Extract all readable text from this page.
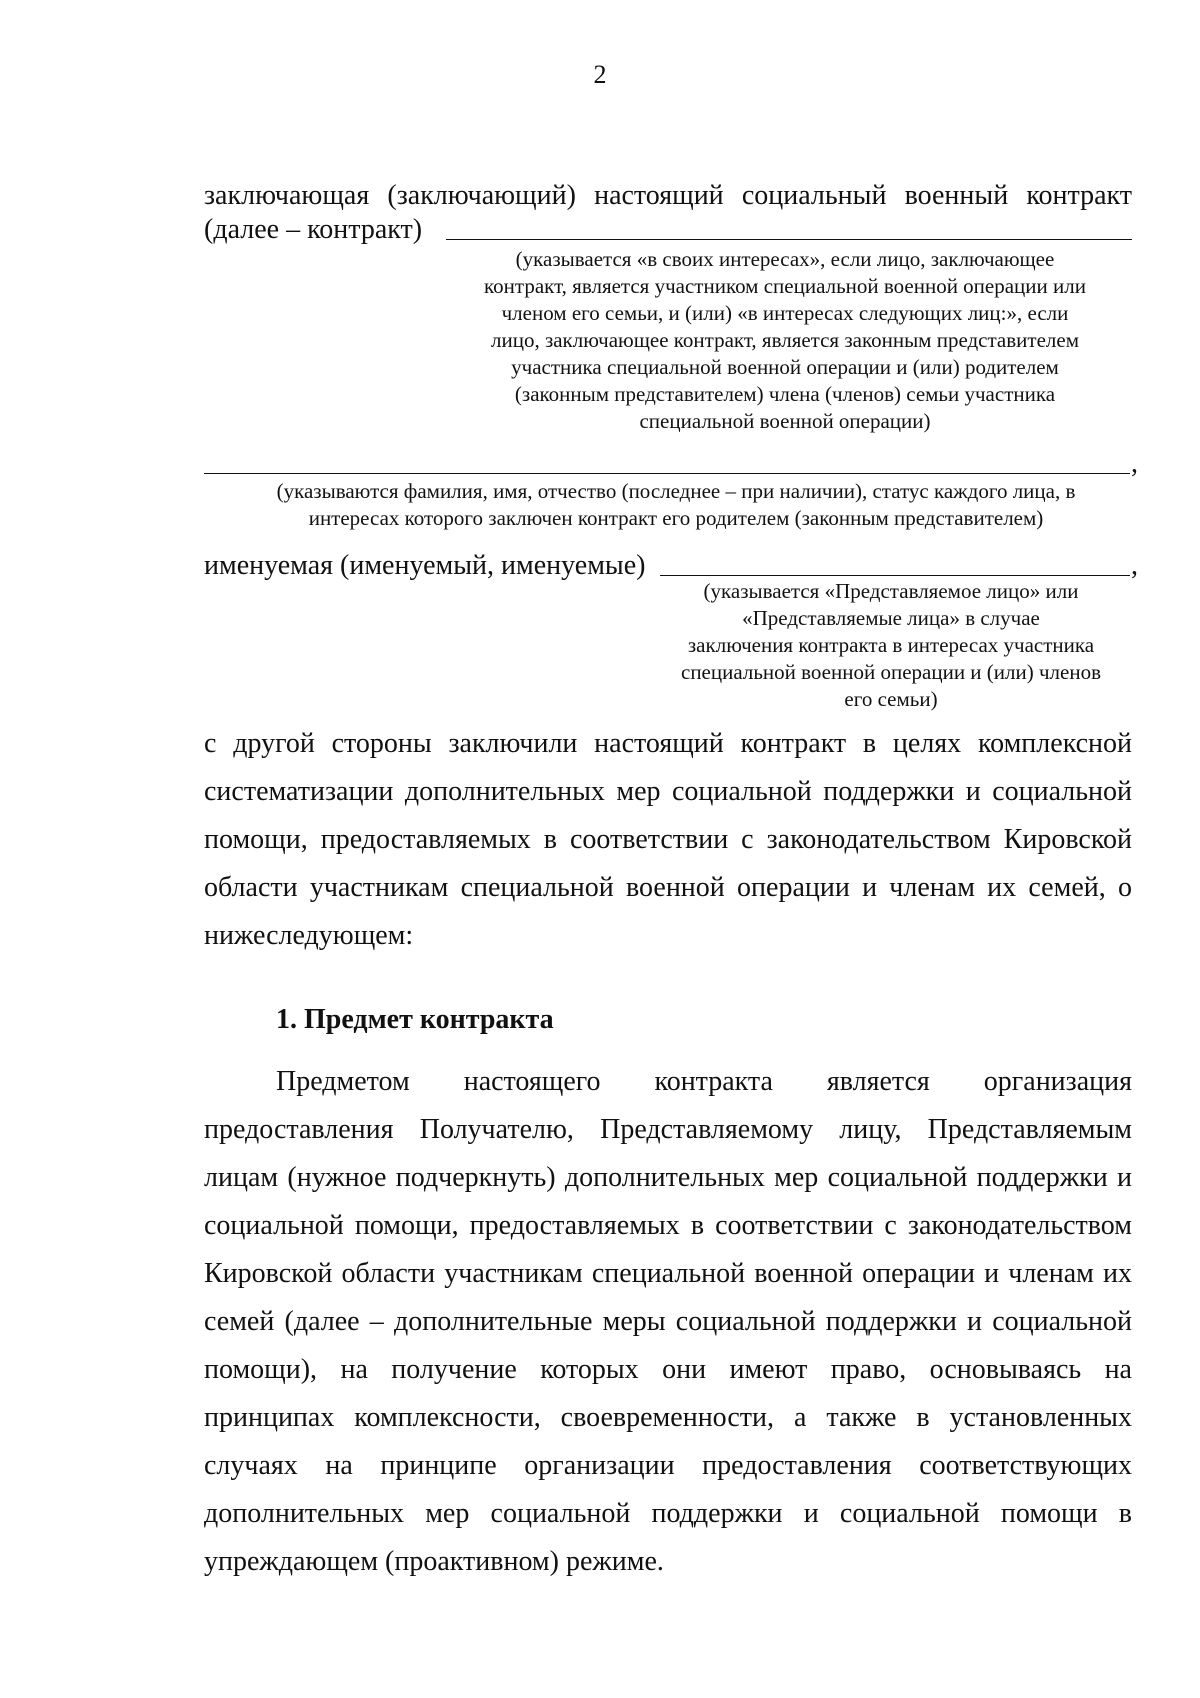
2
заключающая (заключающий) настоящий социальный военный контракт
(далее – контракт)
(указывается «в своих интересах», если лицо, заключающее
контракт, является участником специальной военной операции или
членом его семьи, и (или) «в интересах следующих лиц:», если
лицо, заключающее контракт, является законным представителем
участника специальной военной операции и (или) родителем
(законным представителем) члена (членов) семьи участника
специальной военной операции)
,
(указываются фамилия, имя, отчество (последнее – при наличии), статус каждого лица, в
интересах которого заключен контракт его родителем (законным представителем)
именуемая (именуемый, именуемые)	,
(указывается «Представляемое лицо» или
«Представляемые лица» в случае
заключения контракта в интересах участника
специальной военной операции и (или) членов
его семьи)
с другой стороны заключили настоящий контракт в целях комплексной
систематизации дополнительных мер социальной поддержки и социальной
помощи, предоставляемых в соответствии с законодательством Кировской
области участникам специальной военной операции и членам их семей, о
нижеследующем:
1. Предмет контракта
Предметом настоящего контракта является организация
предоставления Получателю, Представляемому лицу, Представляемым
лицам (нужное подчеркнуть) дополнительных мер социальной поддержки и
социальной помощи, предоставляемых в соответствии с законодательством
Кировской области участникам специальной военной операции и членам их
семей (далее – дополнительные меры социальной поддержки и социальной
помощи), на получение которых они имеют право, основываясь на
принципах комплексности, своевременности, а также в установленных
случаях на принципе организации предоставления соответствующих
дополнительных мер социальной поддержки и социальной помощи в
упреждающем (проактивном) режиме.
